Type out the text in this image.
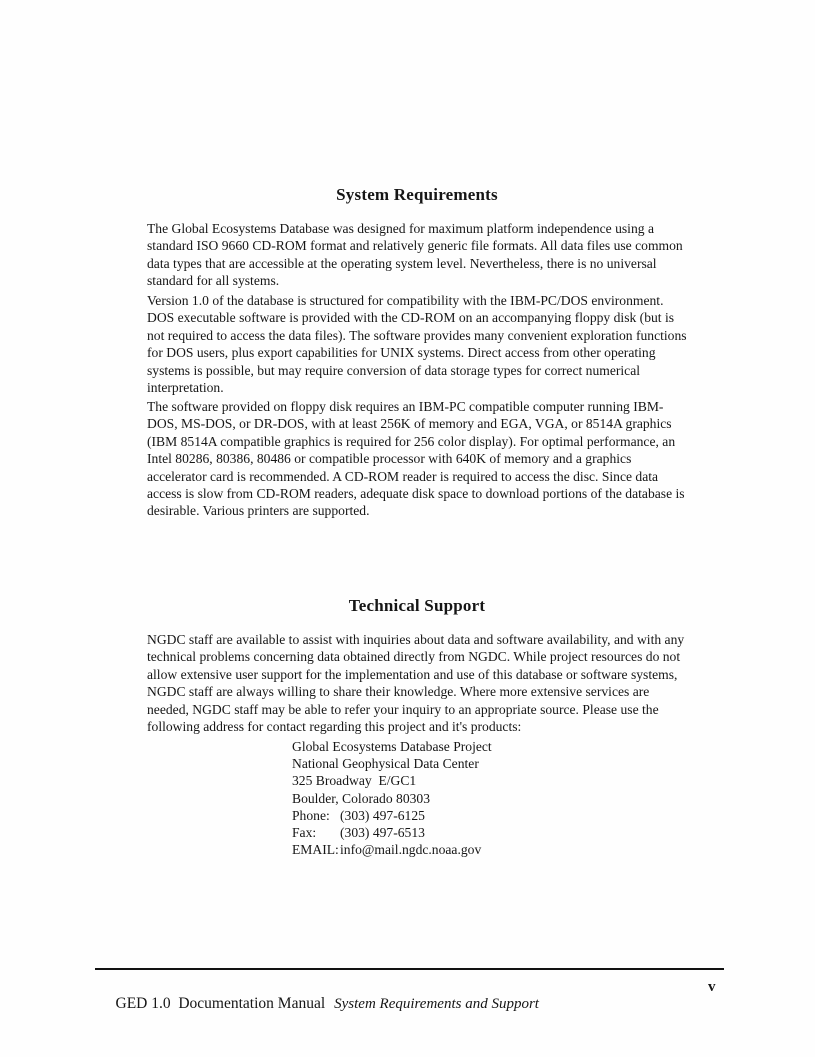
System Requirements
The Global Ecosystems Database was designed for maximum platform independence using a standard ISO 9660 CD-ROM format and relatively generic file formats. All data files use common data types that are accessible at the operating system level. Nevertheless, there is no universal standard for all systems.
Version 1.0 of the database is structured for compatibility with the IBM-PC/DOS environment. DOS executable software is provided with the CD-ROM on an accompanying floppy disk (but is not required to access the data files). The software provides many convenient exploration functions for DOS users, plus export capabilities for UNIX systems. Direct access from other operating systems is possible, but may require conversion of data storage types for correct numerical interpretation.
The software provided on floppy disk requires an IBM-PC compatible computer running IBM-DOS, MS-DOS, or DR-DOS, with at least 256K of memory and EGA, VGA, or 8514A graphics (IBM 8514A compatible graphics is required for 256 color display). For optimal performance, an Intel 80286, 80386, 80486 or compatible processor with 640K of memory and a graphics accelerator card is recommended. A CD-ROM reader is required to access the disc. Since data access is slow from CD-ROM readers, adequate disk space to download portions of the database is desirable. Various printers are supported.
Technical Support
NGDC staff are available to assist with inquiries about data and software availability, and with any technical problems concerning data obtained directly from NGDC. While project resources do not allow extensive user support for the implementation and use of this database or software systems, NGDC staff are always willing to share their knowledge. Where more extensive services are needed, NGDC staff may be able to refer your inquiry to an appropriate source. Please use the following address for contact regarding this project and it's products:
Global Ecosystems Database Project
National Geophysical Data Center
325 Broadway  E/GC1
Boulder, Colorado 80303
Phone: (303) 497-6125
Fax:	(303) 497-6513
EMAIL: info@mail.ngdc.noaa.gov

GED 1.0  Documentation Manual System Requirements and Support

v
